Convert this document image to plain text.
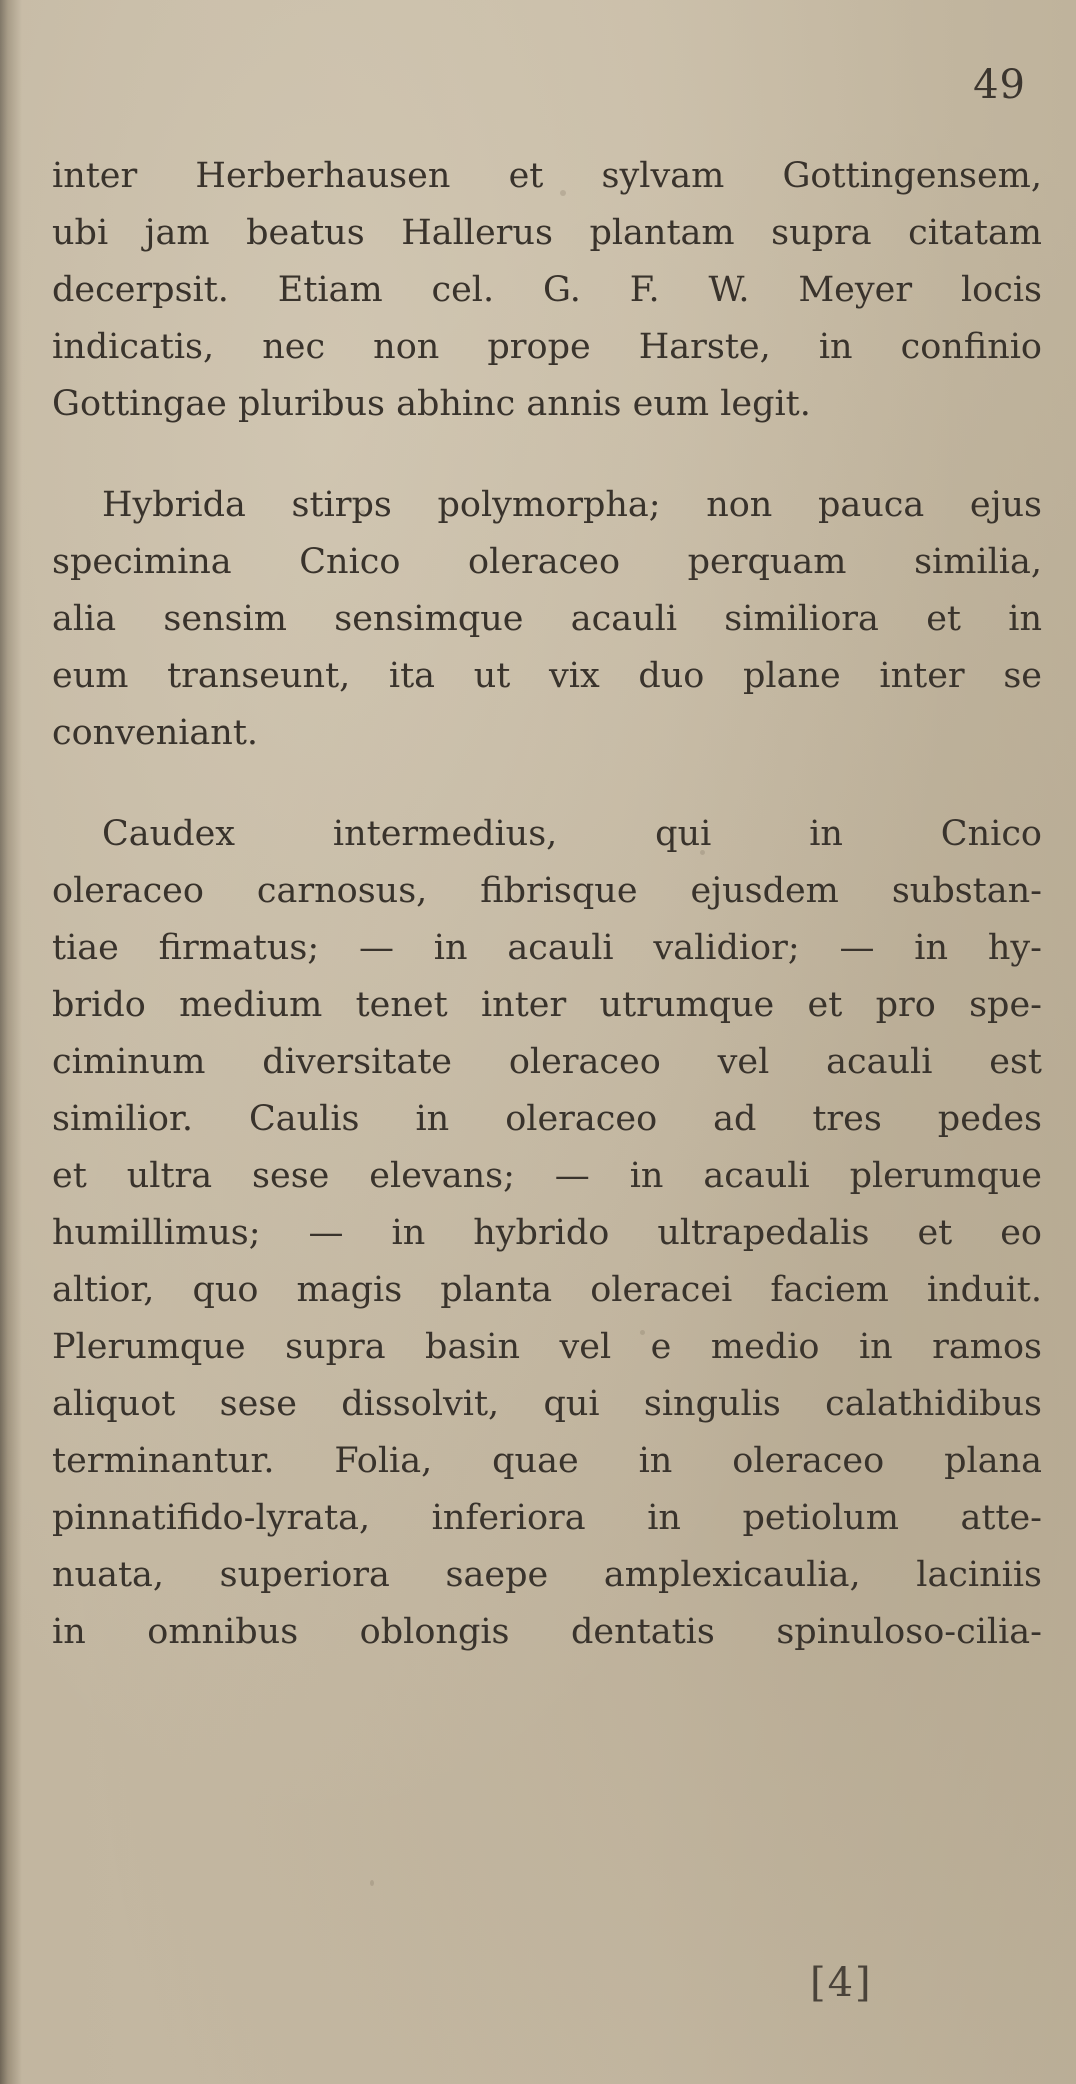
49
inter Herberhausen et sylvam Gottingensem,
ubi jam beatus Hallerus plantam supra citatam
decerpsit. Etiam cel. G. F. W. Meyer locis
indicatis, nec non prope Harste, in confinio
Gottingae pluribus abhinc annis eum legit.
Hybrida stirps polymorpha; non pauca ejus
specimina Cnico oleraceo perquam similia,
alia sensim sensimque acauli similiora et in
eum transeunt, ita ut vix duo plane inter se
conveniant.
Caudex intermedius, qui in Cnico
oleraceo carnosus, fibrisque ejusdem substan-
tiae firmatus; — in acauli validior; — in hy-
brido medium tenet inter utrumque et pro spe-
ciminum diversitate oleraceo vel acauli est
similior. Caulis in oleraceo ad tres pedes
et ultra sese elevans; — in acauli plerumque
humillimus; — in hybrido ultrapedalis et eo
altior, quo magis planta oleracei faciem induit.
Plerumque supra basin vel e medio in ramos
aliquot sese dissolvit, qui singulis calathidibus
terminantur. Folia, quae in oleraceo plana
pinnatifido-lyrata, inferiora in petiolum atte-
nuata, superiora saepe amplexicaulia, laciniis
in omnibus oblongis dentatis spinuloso-cilia-
[4]
